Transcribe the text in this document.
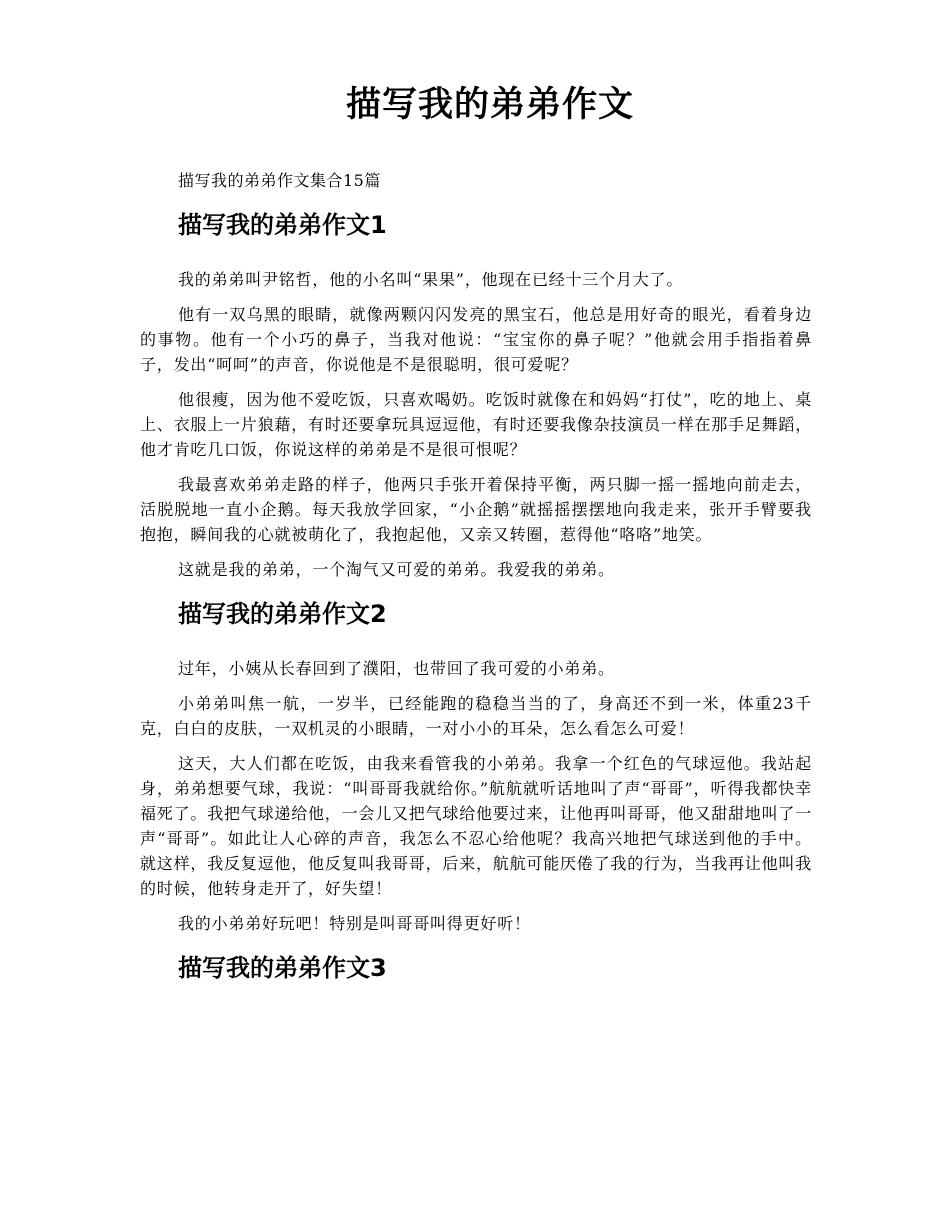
描写我的弟弟作文

描写我的弟弟作文集合15篇

描写我的弟弟作文1

我的弟弟叫尹铭哲，他的小名叫“果果”，他现在已经十三个月大了。

他有一双乌黑的眼睛，就像两颗闪闪发亮的黑宝石，他总是用好奇的眼光，看着身边的事物。他有一个小巧的鼻子，当我对他说：“宝宝你的鼻子呢？”他就会用手指指着鼻子，发出“呵呵”的声音，你说他是不是很聪明，很可爱呢？

他很瘦，因为他不爱吃饭，只喜欢喝奶。吃饭时就像在和妈妈“打仗”，吃的地上、桌上、衣服上一片狼藉，有时还要拿玩具逗逗他，有时还要我像杂技演员一样在那手足舞蹈，他才肯吃几口饭，你说这样的弟弟是不是很可恨呢？

我最喜欢弟弟走路的样子，他两只手张开着保持平衡，两只脚一摇一摇地向前走去，活脱脱地一直小企鹅。每天我放学回家，“小企鹅”就摇摇摆摆地向我走来，张开手臂要我抱抱，瞬间我的心就被萌化了，我抱起他，又亲又转圈，惹得他“咯咯”地笑。

这就是我的弟弟，一个淘气又可爱的弟弟。我爱我的弟弟。

描写我的弟弟作文2

过年，小姨从长春回到了濮阳，也带回了我可爱的小弟弟。

小弟弟叫焦一航，一岁半，已经能跑的稳稳当当的了，身高还不到一米，体重23千克，白白的皮肤，一双机灵的小眼睛，一对小小的耳朵，怎么看怎么可爱！

这天，大人们都在吃饭，由我来看管我的小弟弟。我拿一个红色的气球逗他。我站起身，弟弟想要气球，我说：“叫哥哥我就给你。”航航就听话地叫了声“哥哥”，听得我都快幸福死了。我把气球递给他，一会儿又把气球给他要过来，让他再叫哥哥，他又甜甜地叫了一声“哥哥”。如此让人心碎的声音，我怎么不忍心给他呢？我高兴地把气球送到他的手中。就这样，我反复逗他，他反复叫我哥哥，后来，航航可能厌倦了我的行为，当我再让他叫我的时候，他转身走开了，好失望！

我的小弟弟好玩吧！特别是叫哥哥叫得更好听！

描写我的弟弟作文3
